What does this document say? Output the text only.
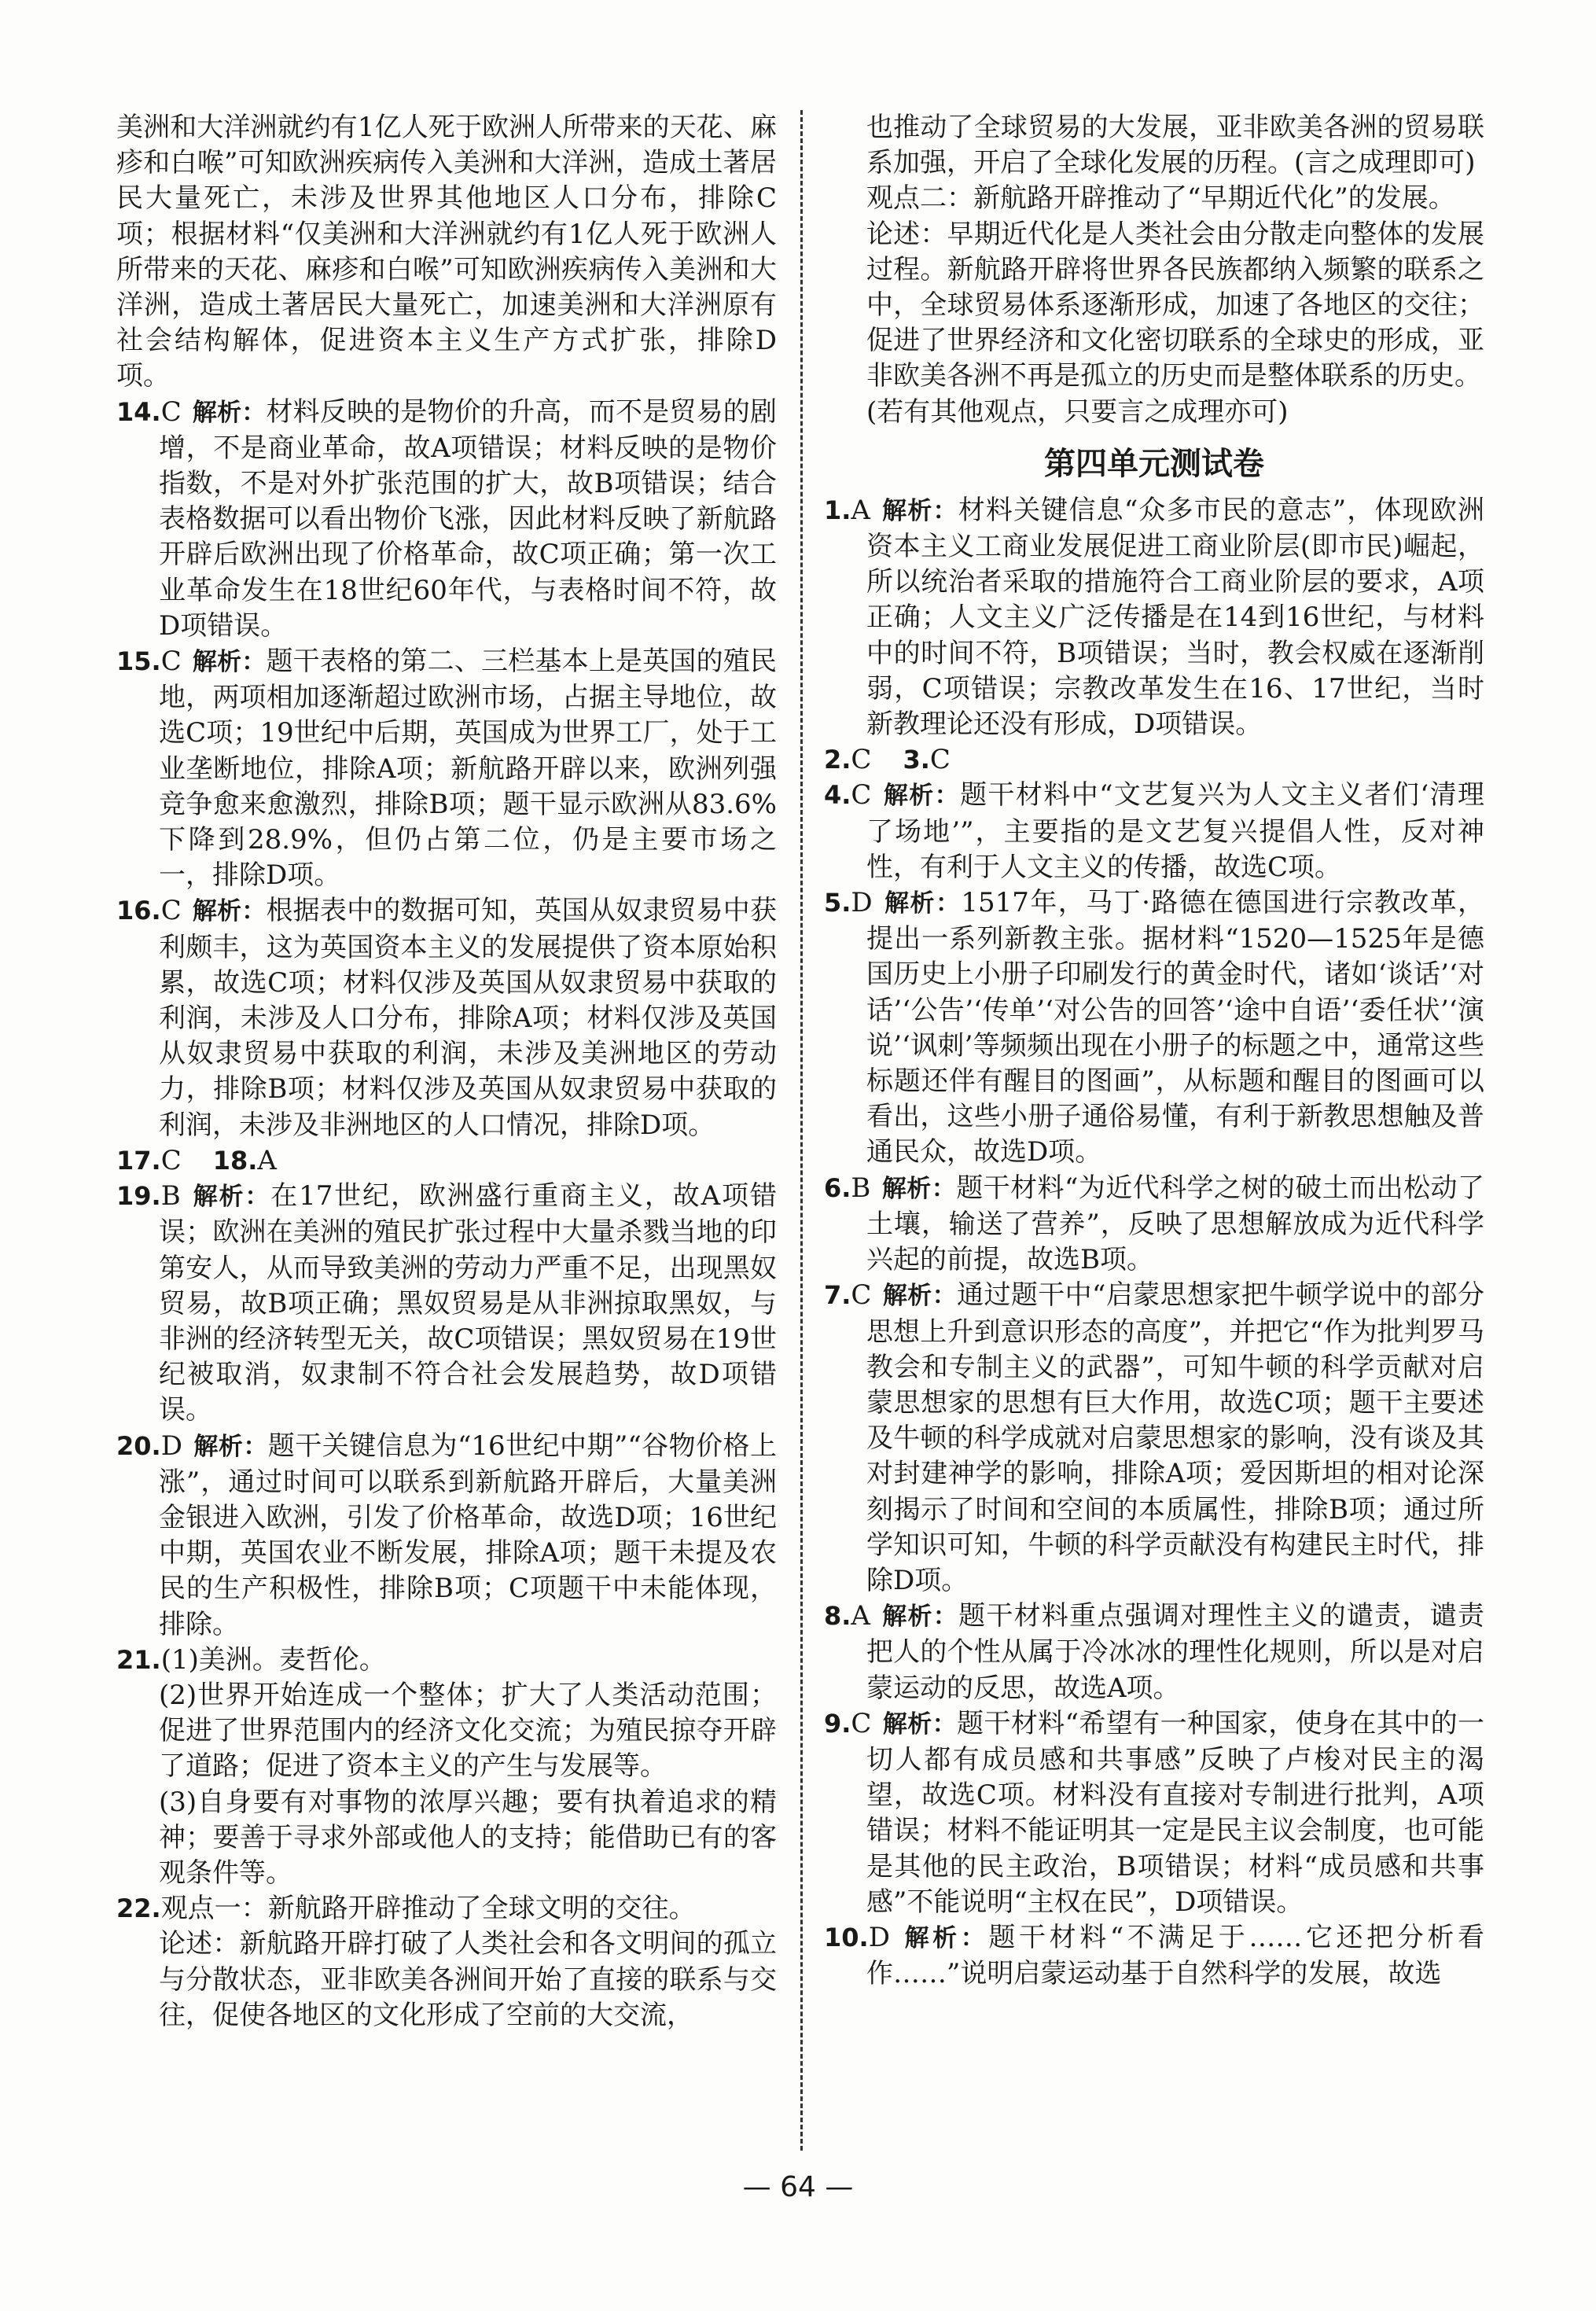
美洲和大洋洲就约有1亿人死于欧洲人所带来的天花、麻疹和白喉”可知欧洲疾病传入美洲和大洋洲，造成土著居民大量死亡，未涉及世界其他地区人口分布，排除C项；根据材料“仅美洲和大洋洲就约有1亿人死于欧洲人所带来的天花、麻疹和白喉”可知欧洲疾病传入美洲和大洋洲，造成土著居民大量死亡，加速美洲和大洋洲原有社会结构解体，促进资本主义生产方式扩张，排除D项。

14.C 解析：材料反映的是物价的升高，而不是贸易的剧增，不是商业革命，故A项错误；材料反映的是物价指数，不是对外扩张范围的扩大，故B项错误；结合表格数据可以看出物价飞涨，因此材料反映了新航路开辟后欧洲出现了价格革命，故C项正确；第一次工业革命发生在18世纪60年代，与表格时间不符，故D项错误。

15.C 解析：题干表格的第二、三栏基本上是英国的殖民地，两项相加逐渐超过欧洲市场，占据主导地位，故选C项；19世纪中后期，英国成为世界工厂，处于工业垄断地位，排除A项；新航路开辟以来，欧洲列强竞争愈来愈激烈，排除B项；题干显示欧洲从83.6%下降到28.9%，但仍占第二位，仍是主要市场之一，排除D项。

16.C 解析：根据表中的数据可知，英国从奴隶贸易中获利颇丰，这为英国资本主义的发展提供了资本原始积累，故选C项；材料仅涉及英国从奴隶贸易中获取的利润，未涉及人口分布，排除A项；材料仅涉及英国从奴隶贸易中获取的利润，未涉及美洲地区的劳动力，排除B项；材料仅涉及英国从奴隶贸易中获取的利润，未涉及非洲地区的人口情况，排除D项。

17.C 18.A

19.B 解析：在17世纪，欧洲盛行重商主义，故A项错误；欧洲在美洲的殖民扩张过程中大量杀戮当地的印第安人，从而导致美洲的劳动力严重不足，出现黑奴贸易，故B项正确；黑奴贸易是从非洲掠取黑奴，与非洲的经济转型无关，故C项错误；黑奴贸易在19世纪被取消，奴隶制不符合社会发展趋势，故D项错误。

20.D 解析：题干关键信息为“16世纪中期”“谷物价格上涨”，通过时间可以联系到新航路开辟后，大量美洲金银进入欧洲，引发了价格革命，故选D项；16世纪中期，英国农业不断发展，排除A项；题干未提及农民的生产积极性，排除B项；C项题干中未能体现，排除。

21.(1)美洲。麦哲伦。

(2)世界开始连成一个整体；扩大了人类活动范围；促进了世界范围内的经济文化交流；为殖民掠夺开辟了道路；促进了资本主义的产生与发展等。

(3)自身要有对事物的浓厚兴趣；要有执着追求的精神；要善于寻求外部或他人的支持；能借助已有的客观条件等。

22.观点一：新航路开辟推动了全球文明的交往。

论述：新航路开辟打破了人类社会和各文明间的孤立与分散状态，亚非欧美各洲间开始了直接的联系与交往，促使各地区的文化形成了空前的大交流，

也推动了全球贸易的大发展，亚非欧美各洲的贸易联系加强，开启了全球化发展的历程。(言之成理即可)

观点二：新航路开辟推动了“早期近代化”的发展。

论述：早期近代化是人类社会由分散走向整体的发展过程。新航路开辟将世界各民族都纳入频繁的联系之中，全球贸易体系逐渐形成，加速了各地区的交往；促进了世界经济和文化密切联系的全球史的形成，亚非欧美各洲不再是孤立的历史而是整体联系的历史。

(若有其他观点，只要言之成理亦可)

第四单元测试卷

1.A 解析：材料关键信息“众多市民的意志”，体现欧洲资本主义工商业发展促进工商业阶层(即市民)崛起，所以统治者采取的措施符合工商业阶层的要求，A项正确；人文主义广泛传播是在14到16世纪，与材料中的时间不符，B项错误；当时，教会权威在逐渐削弱，C项错误；宗教改革发生在16、17世纪，当时新教理论还没有形成，D项错误。

2.C 3.C

4.C 解析：题干材料中“文艺复兴为人文主义者们‘清理了场地’”，主要指的是文艺复兴提倡人性，反对神性，有利于人文主义的传播，故选C项。

5.D 解析：1517年，马丁·路德在德国进行宗教改革，提出一系列新教主张。据材料“1520—1525年是德国历史上小册子印刷发行的黄金时代，诸如‘谈话’‘对话’‘公告’‘传单’‘对公告的回答’‘途中自语’‘委任状’‘演说’‘讽刺’等频频出现在小册子的标题之中，通常这些标题还伴有醒目的图画”，从标题和醒目的图画可以看出，这些小册子通俗易懂，有利于新教思想触及普通民众，故选D项。

6.B 解析：题干材料“为近代科学之树的破土而出松动了土壤，输送了营养”，反映了思想解放成为近代科学兴起的前提，故选B项。

7.C 解析：通过题干中“启蒙思想家把牛顿学说中的部分思想上升到意识形态的高度”，并把它“作为批判罗马教会和专制主义的武器”，可知牛顿的科学贡献对启蒙思想家的思想有巨大作用，故选C项；题干主要述及牛顿的科学成就对启蒙思想家的影响，没有谈及其对封建神学的影响，排除A项；爱因斯坦的相对论深刻揭示了时间和空间的本质属性，排除B项；通过所学知识可知，牛顿的科学贡献没有构建民主时代，排除D项。

8.A 解析：题干材料重点强调对理性主义的谴责，谴责把人的个性从属于冷冰冰的理性化规则，所以是对启蒙运动的反思，故选A项。

9.C 解析：题干材料“希望有一种国家，使身在其中的一切人都有成员感和共事感”反映了卢梭对民主的渴望，故选C项。材料没有直接对专制进行批判，A项错误；材料不能证明其一定是民主议会制度，也可能是其他的民主政治，B项错误；材料“成员感和共事感”不能说明“主权在民”，D项错误。

10.D 解析：题干材料“不满足于……它还把分析看作……”说明启蒙运动基于自然科学的发展，故选

— 64 —
